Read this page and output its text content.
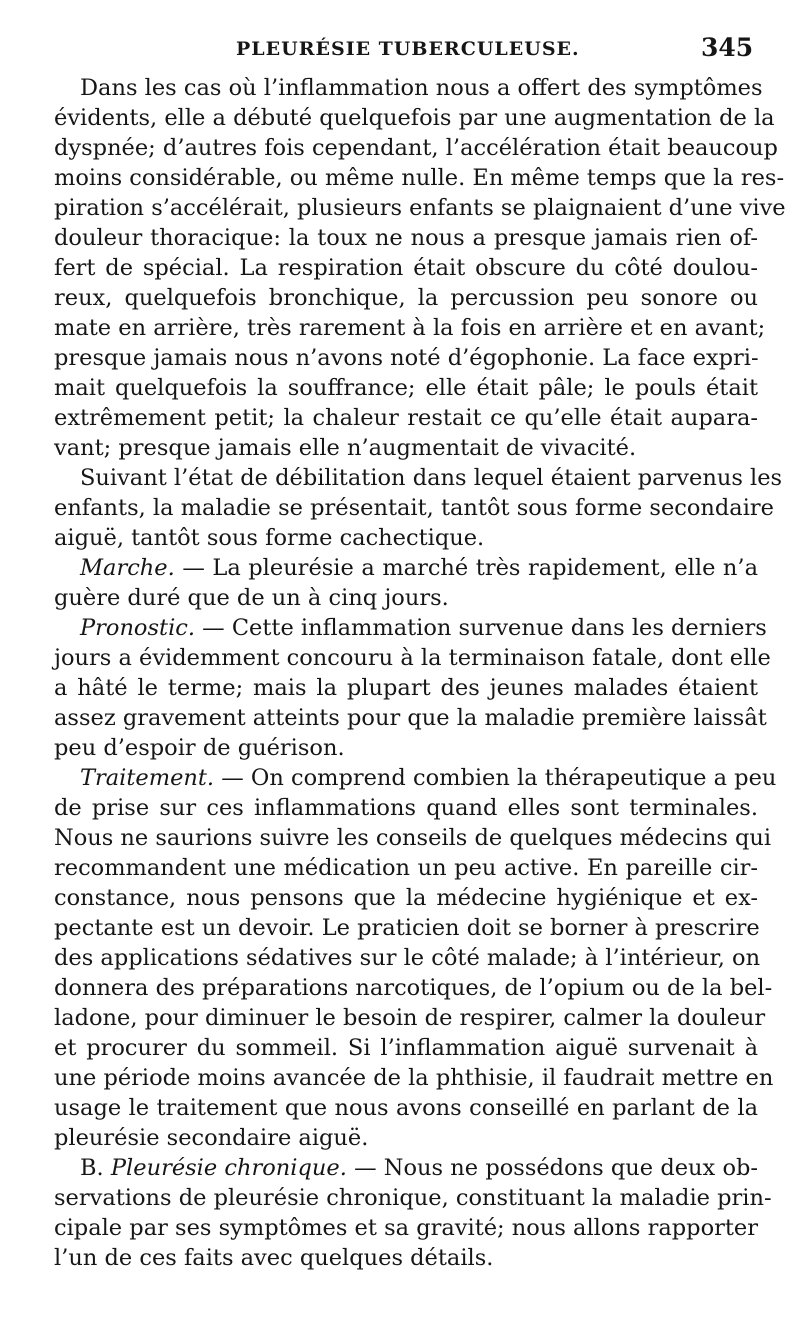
PLEURÉSIE TUBERCULEUSE.	345
Dans les cas où l’inflammation nous a offert des symptômes
évidents, elle a débuté quelquefois par une augmentation de la
dyspnée; d’autres fois cependant, l’accélération était beaucoup
moins considérable, ou même nulle. En même temps que la res-
piration s’accélérait, plusieurs enfants se plaignaient d’une vive
douleur thoracique: la toux ne nous a presque jamais rien of-
fert de spécial. La respiration était obscure du côté doulou-
reux, quelquefois bronchique, la percussion peu sonore ou
mate en arrière, très rarement à la fois en arrière et en avant;
presque jamais nous n’avons noté d’égophonie. La face expri-
mait quelquefois la souffrance; elle était pâle; le pouls était
extrêmement petit; la chaleur restait ce qu’elle était aupara-
vant; presque jamais elle n’augmentait de vivacité.
Suivant l’état de débilitation dans lequel étaient parvenus les
enfants, la maladie se présentait, tantôt sous forme secondaire
aiguë, tantôt sous forme cachectique.
Marche. — La pleurésie a marché très rapidement, elle n’a
guère duré que de un à cinq jours.
Pronostic. — Cette inflammation survenue dans les derniers
jours a évidemment concouru à la terminaison fatale, dont elle
a hâté le terme; mais la plupart des jeunes malades étaient
assez gravement atteints pour que la maladie première laissât
peu d’espoir de guérison.
Traitement. — On comprend combien la thérapeutique a peu
de prise sur ces inflammations quand elles sont terminales.
Nous ne saurions suivre les conseils de quelques médecins qui
recommandent une médication un peu active. En pareille cir-
constance, nous pensons que la médecine hygiénique et ex-
pectante est un devoir. Le praticien doit se borner à prescrire
des applications sédatives sur le côté malade; à l’intérieur, on
donnera des préparations narcotiques, de l’opium ou de la bel-
ladone, pour diminuer le besoin de respirer, calmer la douleur
et procurer du sommeil. Si l’inflammation aiguë survenait à
une période moins avancée de la phthisie, il faudrait mettre en
usage le traitement que nous avons conseillé en parlant de la
pleurésie secondaire aiguë.
B. Pleurésie chronique. — Nous ne possédons que deux ob-
servations de pleurésie chronique, constituant la maladie prin-
cipale par ses symptômes et sa gravité; nous allons rapporter
l’un de ces faits avec quelques détails.
